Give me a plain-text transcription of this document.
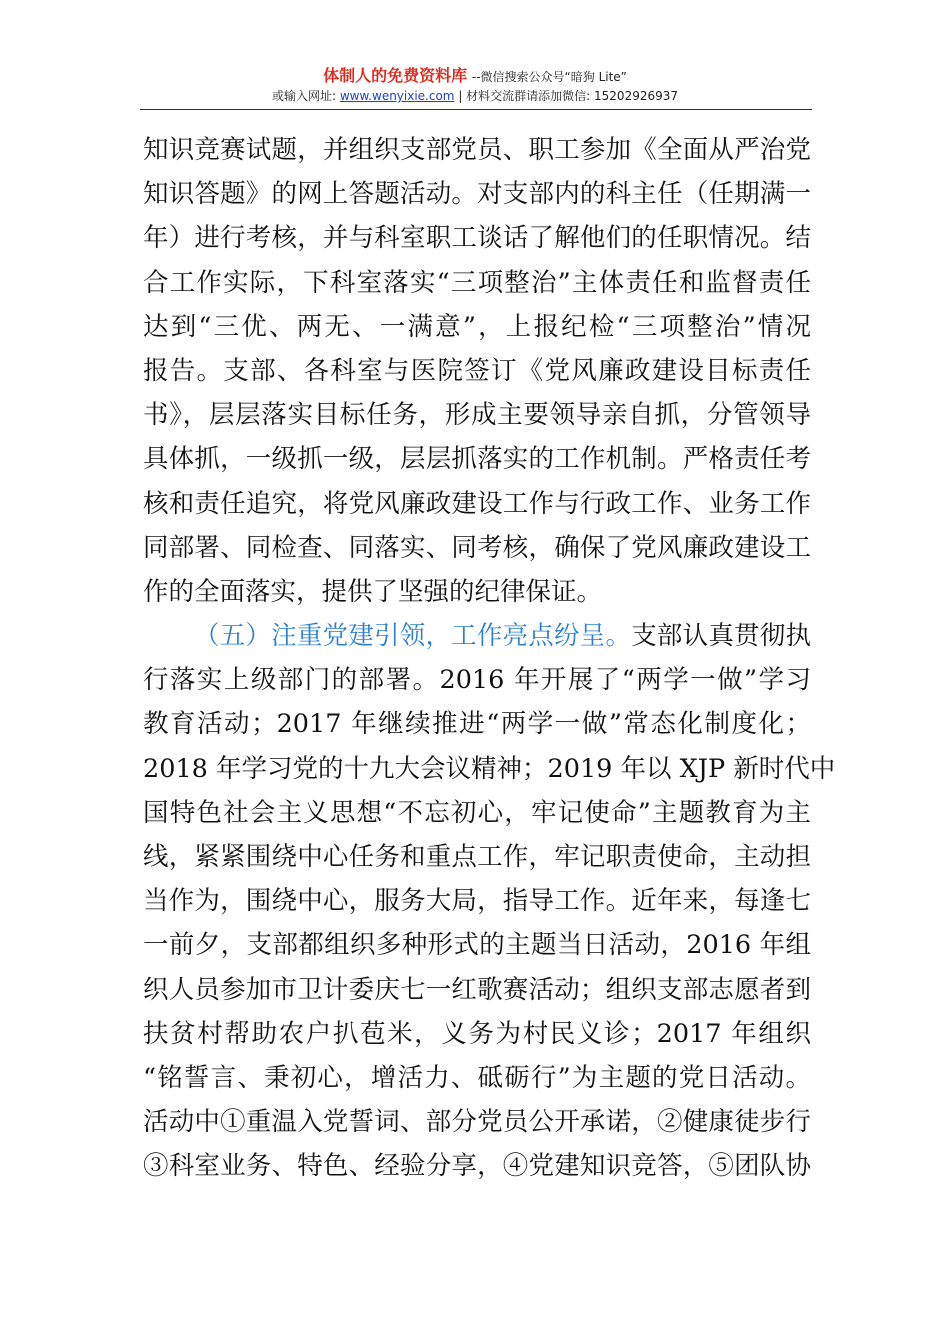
体制人的免费资料库 --微信搜索公众号“暗狗 Lite”
或输入网址: www.wenyixie.com | 材料交流群请添加微信: 15202926937
知识竞赛试题，并组织支部党员、职工参加《全面从严治党
知识答题》的网上答题活动。对支部内的科主任（任期满一
年）进行考核，并与科室职工谈话了解他们的任职情况。结
合工作实际，下科室落实“三项整治”主体责任和监督责任
达到“三优、两无、一满意”，上报纪检“三项整治”情况
报告。支部、各科室与医院签订《党风廉政建设目标责任
书》，层层落实目标任务，形成主要领导亲自抓，分管领导
具体抓，一级抓一级，层层抓落实的工作机制。严格责任考
核和责任追究，将党风廉政建设工作与行政工作、业务工作
同部署、同检查、同落实、同考核，确保了党风廉政建设工
作的全面落实，提供了坚强的纪律保证。
（五）注重党建引领，工作亮点纷呈。支部认真贯彻执
行落实上级部门的部署。2016 年开展了“两学一做”学习
教育活动；2017 年继续推进“两学一做”常态化制度化；
2018 年学习党的十九大会议精神；2019 年以 XJP 新时代中
国特色社会主义思想“不忘初心，牢记使命”主题教育为主
线，紧紧围绕中心任务和重点工作，牢记职责使命，主动担
当作为，围绕中心，服务大局，指导工作。近年来，每逢七
一前夕，支部都组织多种形式的主题当日活动，2016 年组
织人员参加市卫计委庆七一红歌赛活动；组织支部志愿者到
扶贫村帮助农户扒苞米，义务为村民义诊；2017 年组织
“铭誓言、秉初心，增活力、砥砺行”为主题的党日活动。
活动中①重温入党誓词、部分党员公开承诺，②健康徒步行
③科室业务、特色、经验分享，④党建知识竞答，⑤团队协
